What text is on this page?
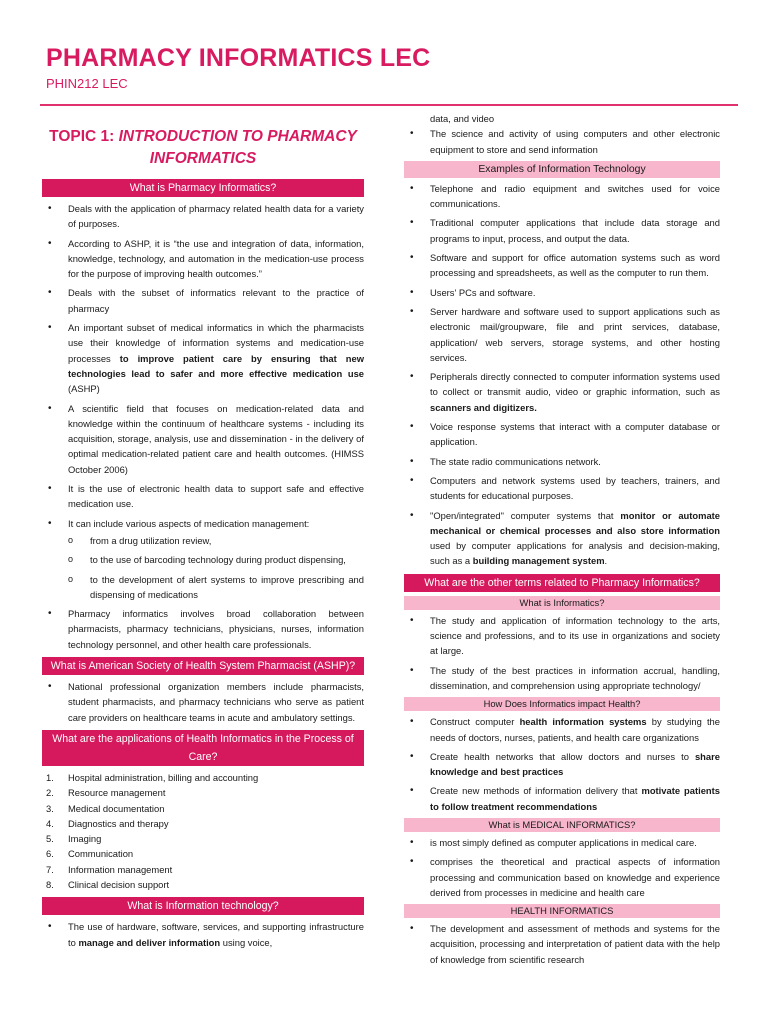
PHARMACY INFORMATICS LEC
PHIN212 LEC
TOPIC 1: INTRODUCTION TO PHARMACY INFORMATICS
What is Pharmacy Informatics?
• Deals with the application of pharmacy related health data for a variety of purposes.
• According to ASHP, it is “the use and integration of data, information, knowledge, technology, and automation in the medication-use process for the purpose of improving health outcomes.”
• Deals with the subset of informatics relevant to the practice of pharmacy
• An important subset of medical informatics in which the pharmacists use their knowledge of information systems and medication-use processes to improve patient care by ensuring that new technologies lead to safer and more effective medication use (ASHP)
• A scientific field that focuses on medication-related data and knowledge within the continuum of healthcare systems - including its acquisition, storage, analysis, use and dissemination - in the delivery of optimal medication-related patient care and health outcomes. (HIMSS October 2006)
• It is the use of electronic health data to support safe and effective medication use.
• It can include various aspects of medication management:
o from a drug utilization review,
o to the use of barcoding technology during product dispensing,
o to the development of alert systems to improve prescribing and dispensing of medications
• Pharmacy informatics involves broad collaboration between pharmacists, pharmacy technicians, physicians, nurses, information technology personnel, and other health care professionals.
What is American Society of Health System Pharmacist (ASHP)?
• National professional organization members include pharmacists, student pharmacists, and pharmacy technicians who serve as patient care providers on healthcare teams in acute and ambulatory settings.
What are the applications of Health Informatics in the Process of Care?
1. Hospital administration, billing and accounting
2. Resource management
3. Medical documentation
4. Diagnostics and therapy
5. Imaging
6. Communication
7. Information management
8. Clinical decision support
What is Information technology?
• The use of hardware, software, services, and supporting infrastructure to manage and deliver information using voice,
data, and video
• The science and activity of using computers and other electronic equipment to store and send information
Examples of Information Technology
• Telephone and radio equipment and switches used for voice communications.
• Traditional computer applications that include data storage and programs to input, process, and output the data.
• Software and support for office automation systems such as word processing and spreadsheets, as well as the computer to run them.
• Users' PCs and software.
• Server hardware and software used to support applications such as electronic mail/groupware, file and print services, database, application/ web servers, storage systems, and other hosting services.
• Peripherals directly connected to computer information systems used to collect or transmit audio, video or graphic information, such as scanners and digitizers.
• Voice response systems that interact with a computer database or application.
• The state radio communications network.
• Computers and network systems used by teachers, trainers, and students for educational purposes.
• "Open/integrated" computer systems that monitor or automate mechanical or chemical processes and also store information used by computer applications for analysis and decision-making, such as a building management system.
What are the other terms related to Pharmacy Informatics?
What is Informatics?
• The study and application of information technology to the arts, science and professions, and to its use in organizations and society at large.
• The study of the best practices in information accrual, handling, dissemination, and comprehension using appropriate technology/
How Does Informatics impact Health?
• Construct computer health information systems by studying the needs of doctors, nurses, patients, and health care organizations
• Create health networks that allow doctors and nurses to share knowledge and best practices
• Create new methods of information delivery that motivate patients to follow treatment recommendations
What is MEDICAL INFORMATICS?
• is most simply defined as computer applications in medical care.
• comprises the theoretical and practical aspects of information processing and communication based on knowledge and experience derived from processes in medicine and health care
HEALTH INFORMATICS
• The development and assessment of methods and systems for the acquisition, processing and interpretation of patient data with the help of knowledge from scientific research
